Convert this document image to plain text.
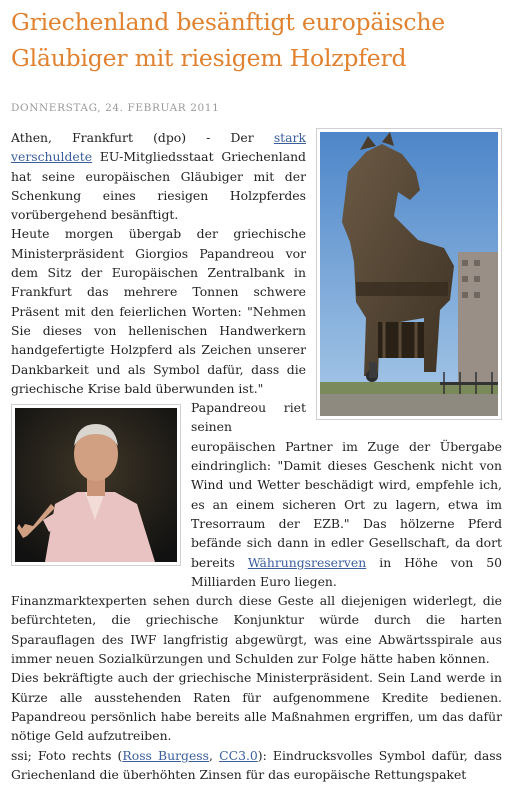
Griechenland besänftigt europäische Gläubiger mit riesigem Holzpferd
DONNERSTAG, 24. FEBRUAR 2011

Athen, Frankfurt (dpo) - Der stark verschuldete EU-Mitgliedsstaat Griechenland hat seine europäischen Gläubiger mit der Schenkung eines riesigen Holzpferdes vorübergehend besänftigt.

Heute morgen übergab der griechische Ministerpräsident Giorgios Papandreou vor dem Sitz der Europäischen Zentralbank in Frankfurt das mehrere Tonnen schwere Präsent mit den feierlichen Worten: "Nehmen Sie dieses von hellenischen Handwerkern handgefertigte Holzpferd als Zeichen unserer Dankbarkeit und als Symbol dafür, dass die griechische Krise bald überwunden ist."

Papandreou riet seinen europäischen Partner im Zuge der Übergabe eindringlich: "Damit dieses Geschenk nicht von Wind und Wetter beschädigt wird, empfehle ich, es an einem sicheren Ort zu lagern, etwa im Tresorraum der EZB." Das hölzerne Pferd befände sich dann in edler Gesellschaft, da dort bereits Währungsreserven in Höhe von 50 Milliarden Euro liegen.

Finanzmarktexperten sehen durch diese Geste all diejenigen widerlegt, die befürchteten, die griechische Konjunktur würde durch die harten Sparauflagen des IWF langfristig abgewürgt, was eine Abwärtsspirale aus immer neuen Sozialkürzungen und Schulden zur Folge hätte haben können.

Dies bekräftigte auch der griechische Ministerpräsident. Sein Land werde in Kürze alle ausstehenden Raten für aufgenommene Kredite bedienen. Papandreou persönlich habe bereits alle Maßnahmen ergriffen, um das dafür nötige Geld aufzutreiben.

ssi; Foto rechts (Ross Burgess, CC3.0): Eindrucksvolles Symbol dafür, dass Griechenland die überhöhten Zinsen für das europäische Rettungspaket
